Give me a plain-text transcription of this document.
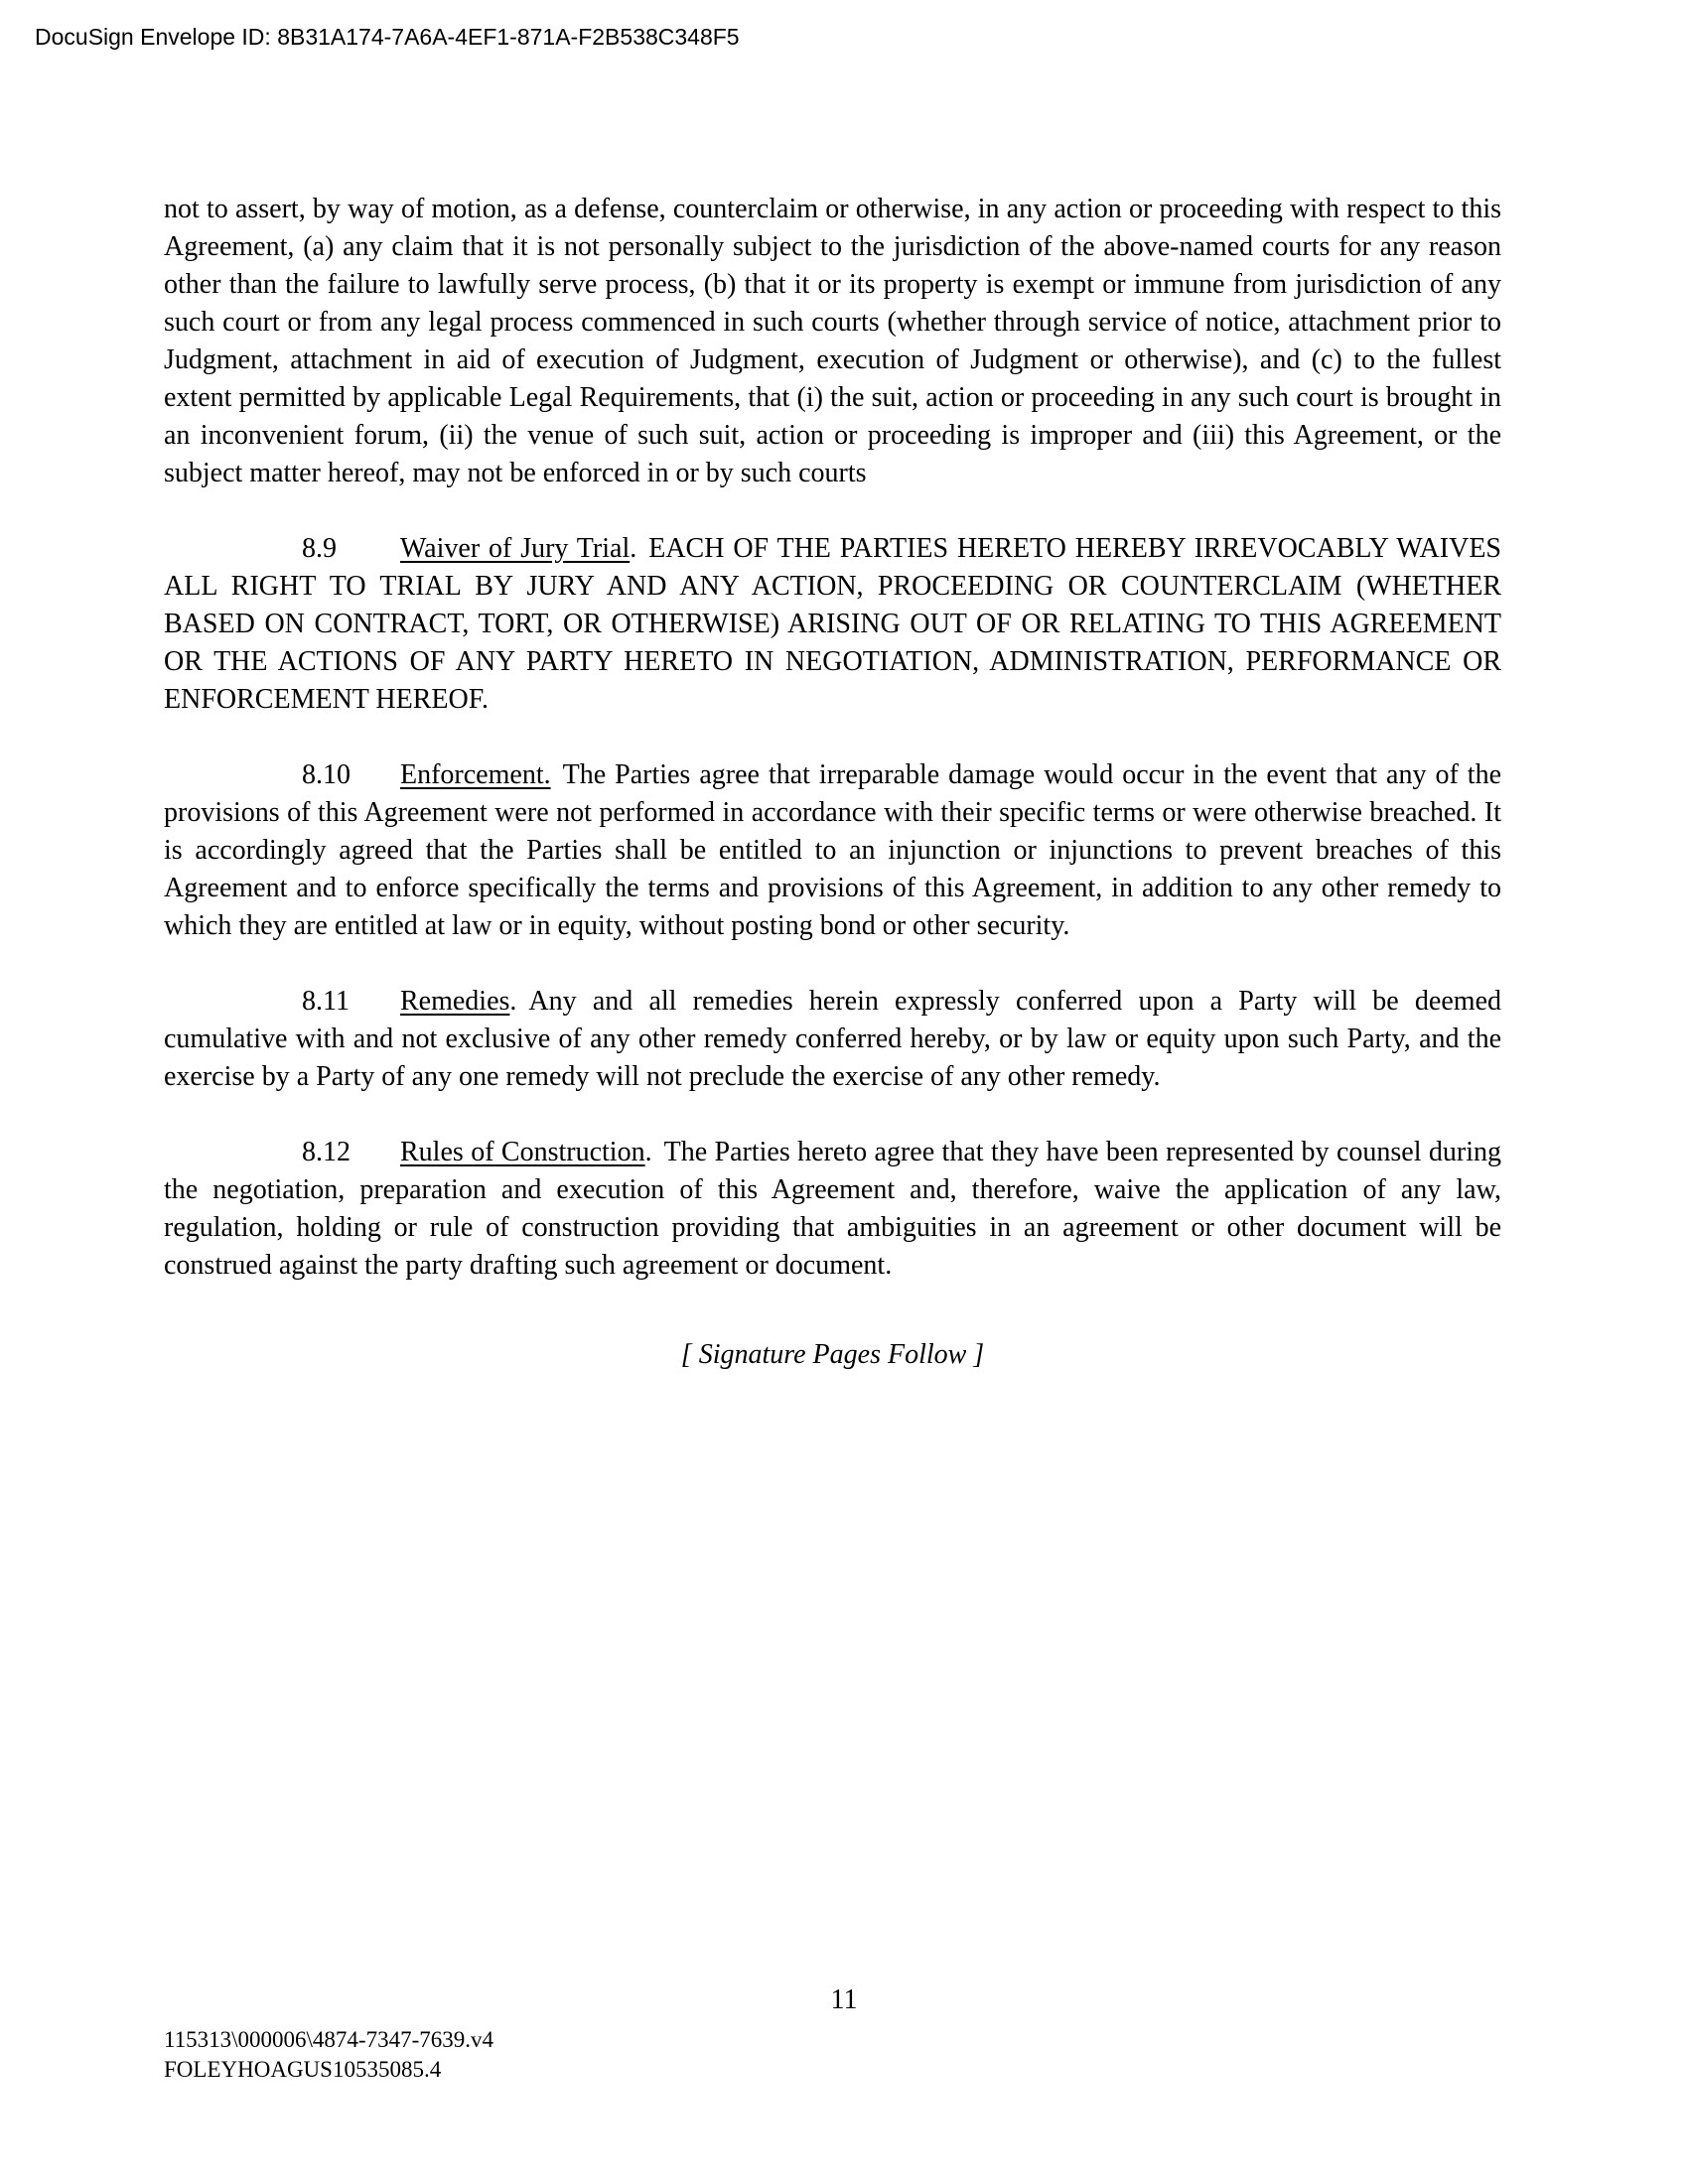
DocuSign Envelope ID: 8B31A174-7A6A-4EF1-871A-F2B538C348F5

not to assert, by way of motion, as a defense, counterclaim or otherwise, in any action or proceeding with respect to this Agreement, (a) any claim that it is not personally subject to the jurisdiction of the above-named courts for any reason other than the failure to lawfully serve process, (b) that it or its property is exempt or immune from jurisdiction of any such court or from any legal process commenced in such courts (whether through service of notice, attachment prior to Judgment, attachment in aid of execution of Judgment, execution of Judgment or otherwise), and (c) to the fullest extent permitted by applicable Legal Requirements, that (i) the suit, action or proceeding in any such court is brought in an inconvenient forum, (ii) the venue of such suit, action or proceeding is improper and (iii) this Agreement, or the subject matter hereof, may not be enforced in or by such courts

8.9 Waiver of Jury Trial. EACH OF THE PARTIES HERETO HEREBY IRREVOCABLY WAIVES ALL RIGHT TO TRIAL BY JURY AND ANY ACTION, PROCEEDING OR COUNTERCLAIM (WHETHER BASED ON CONTRACT, TORT, OR OTHERWISE) ARISING OUT OF OR RELATING TO THIS AGREEMENT OR THE ACTIONS OF ANY PARTY HERETO IN NEGOTIATION, ADMINISTRATION, PERFORMANCE OR ENFORCEMENT HEREOF.

8.10 Enforcement. The Parties agree that irreparable damage would occur in the event that any of the provisions of this Agreement were not performed in accordance with their specific terms or were otherwise breached. It is accordingly agreed that the Parties shall be entitled to an injunction or injunctions to prevent breaches of this Agreement and to enforce specifically the terms and provisions of this Agreement, in addition to any other remedy to which they are entitled at law or in equity, without posting bond or other security.

8.11 Remedies. Any and all remedies herein expressly conferred upon a Party will be deemed cumulative with and not exclusive of any other remedy conferred hereby, or by law or equity upon such Party, and the exercise by a Party of any one remedy will not preclude the exercise of any other remedy.

8.12 Rules of Construction. The Parties hereto agree that they have been represented by counsel during the negotiation, preparation and execution of this Agreement and, therefore, waive the application of any law, regulation, holding or rule of construction providing that ambiguities in an agreement or other document will be construed against the party drafting such agreement or document.

[ Signature Pages Follow ]

11
115313\000006\4874-7347-7639.v4
FOLEYHOAGUS10535085.4
